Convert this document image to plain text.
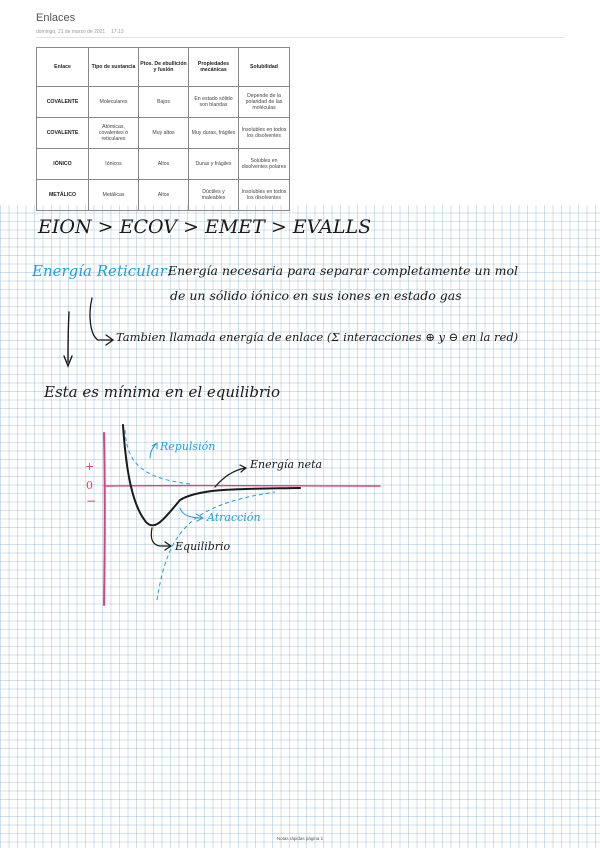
Enlaces
domingo, 21 de marzo de 2021 17:13
Enlace	Tipo de sustancia	Ptos. De ebullición y fusión	Propiedades mecánicas	Solubilidad
COVALENTE	Moleculares	Bajos	En estado sólido son blandas	Depende de la polaridad de las moléculas
COVALENTE	Atómicas, covalentes ó reticulares	Muy altos	Muy duras, frágiles	Insolubles en todos los disolventes
IÓNICO	Iónicos	Altos	Duras y frágiles	Solubles en disolventes polares
METÁLICO	Metálicas	Altos	Dúctiles y maleables	Insolubles en todos los disolventes
EION > ECOV > EMET > EVALLS
Energía Reticular:
Energía necesaria para separar completamente un mol
de un sólido iónico en sus iones en estado gas
Tambien llamada energía de enlace (Σ interacciones ⊕ y ⊖ en la red)
Esta es mínima en el equilibrio
+
0
−
Repulsión
Energía neta
Atracción
Equilibrio
Notas rápidas página 1
